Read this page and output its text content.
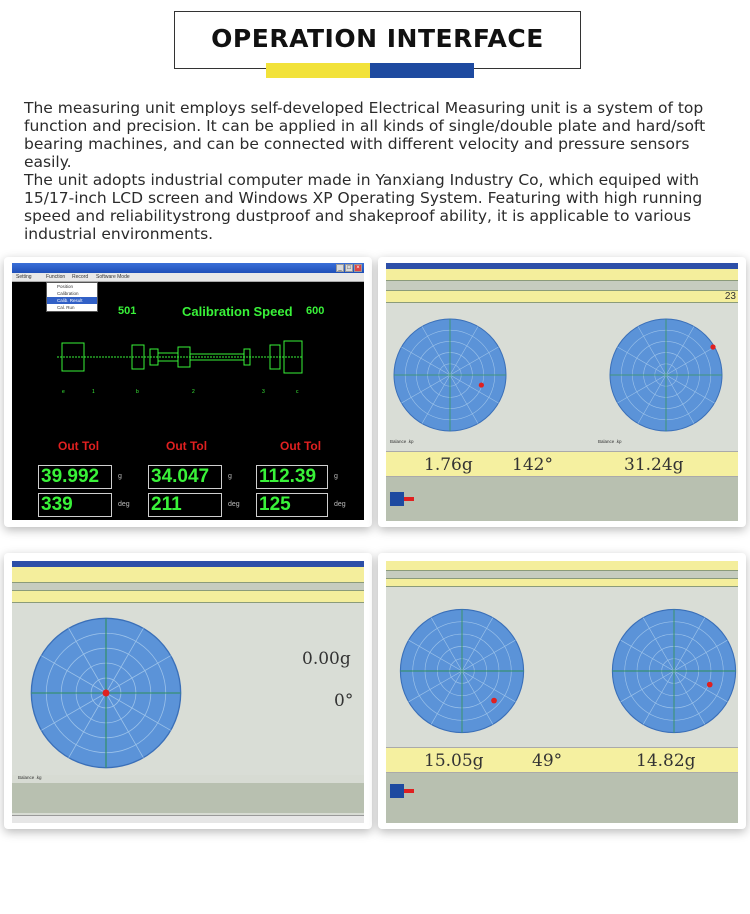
OPERATION INTERFACE

The measuring unit employs self-developed Electrical Measuring unit is a system of top function and precision. It can be applied in all kinds of single/double plate and hard/soft bearing machines, and can be connected with different velocity and pressure sensors easily.

The unit adopts industrial computer made in Yanxiang Industry Co, which equiped with 15/17-inch LCD screen and Windows XP Operating System. Featuring with high running speed and reliabilitystrong dustproof and shakeproof ability, it is applicable to various industrial environments.

_ □ ×
Setting	Function Record Software Mode
Position
Calibration
Calib. Result
Cal. Run	501	Calibration Speed 600
e	1	b	2	3	c
Out Tol	Out Tol	Out Tol
39.992	g 34.047	g 112.39	g
339	deg 211	deg 125	deg
23
Balance .kp	Balance .kp
1.76g 142°	31.24g
0.00g
0°
Balance .kg
15.05g	49°	14.82g
